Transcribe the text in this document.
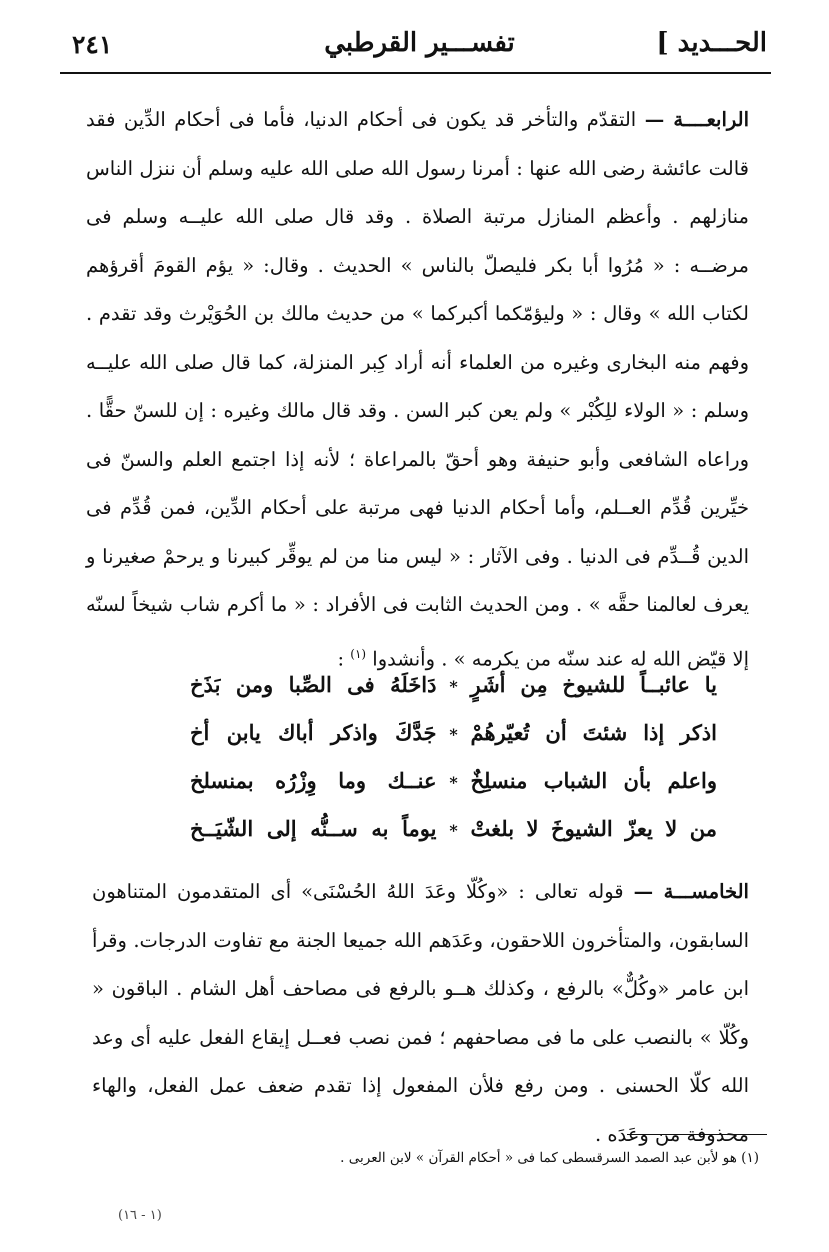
الحـــديد ]
تفســـير القرطبي
٢٤١

الرابعــــة — التقدّم والتأخر قد يكون فى أحكام الدنيا، فأما فى أحكام الدِّين فقد قالت عائشة رضى الله عنها : أمرنا رسول الله صلى الله عليه وسلم أن ننزل الناس منازلهم . وأعظم المنازل مرتبة الصلاة . وقد قال صلى الله عليــه وسلم فى مرضــه : « مُرُوا أبا بكر فليصلّ بالناس » الحديث . وقال: « يؤم القومَ أقرؤهم لكتاب الله » وقال : « وليؤمّكما أكبركما » من حديث مالك بن الحُوَيْرث وقد تقدم . وفهم منه البخارى وغيره من العلماء أنه أراد كِبر المنزلة، كما قال صلى الله عليــه وسلم : « الولاء للِكُبْر » ولم يعن كبر السن . وقد قال مالك وغيره : إن للسنّ حقًّا . وراعاه الشافعى وأبو حنيفة وهو أحقّ بالمراعاة ؛ لأنه إذا اجتمع العلم والسنّ فى خيِّرين قُدِّم العــلم، وأما أحكام الدنيا فهى مرتبة على أحكام الدِّين، فمن قُدِّم فى الدين قُــدِّم فى الدنيا . وفى الآثار : « ليس منا من لم يوقِّر كبيرنا و يرحمْ صغيرنا و يعرف لعالمنا حقَّه » . ومن الحديث الثابت فى الأفراد : « ما أكرم شاب شيخاً لسنّه إلا قيّض الله له عند سنّه من يكرمه » . وأنشدوا $^{(١)}$ :

يا عائبــاً للشيوخ مِن أشَرٍ
*
دَاخَلَهُ فى الصِّبا ومن بَذَخ
اذكر إذا شئتَ أن تُعيّرهُمْ
*
جَدَّكَ واذكر أباك يابن أخ
واعلم بأن الشباب منسلِخٌ
*
عنــك وما وِزْرُه بمنسلخ
من لا يعزّ الشيوخَ لا بلغتْ
*
يوماً به ســنُّه إلى الشّيَــخ

الخامســـة — قوله تعالى : «وكُلّا وعَدَ اللهُ الحُسْنَى» أى المتقدمون المتناهون السابقون، والمتأخرون اللاحقون، وعَدَهم الله جميعا الجنة مع تفاوت الدرجات. وقرأ ابن عامر «وكُلٌّ» بالرفع ، وكذلك هــو بالرفع فى مصاحف أهل الشام . الباقون « وكُلّا » بالنصب على ما فى مصاحفهم ؛ فمن نصب فعــل إيقاع الفعل عليه أى وعد الله كلّا الحسنى . ومن رفع فلأن المفعول إذا تقدم ضعف عمل الفعل، والهاء محذوفة من وعَدَه .

(١) هو لأبن عبد الصمد السرقسطى كما فى « أحكام القرآن » لابن العربى .
(١ - ١٦)
